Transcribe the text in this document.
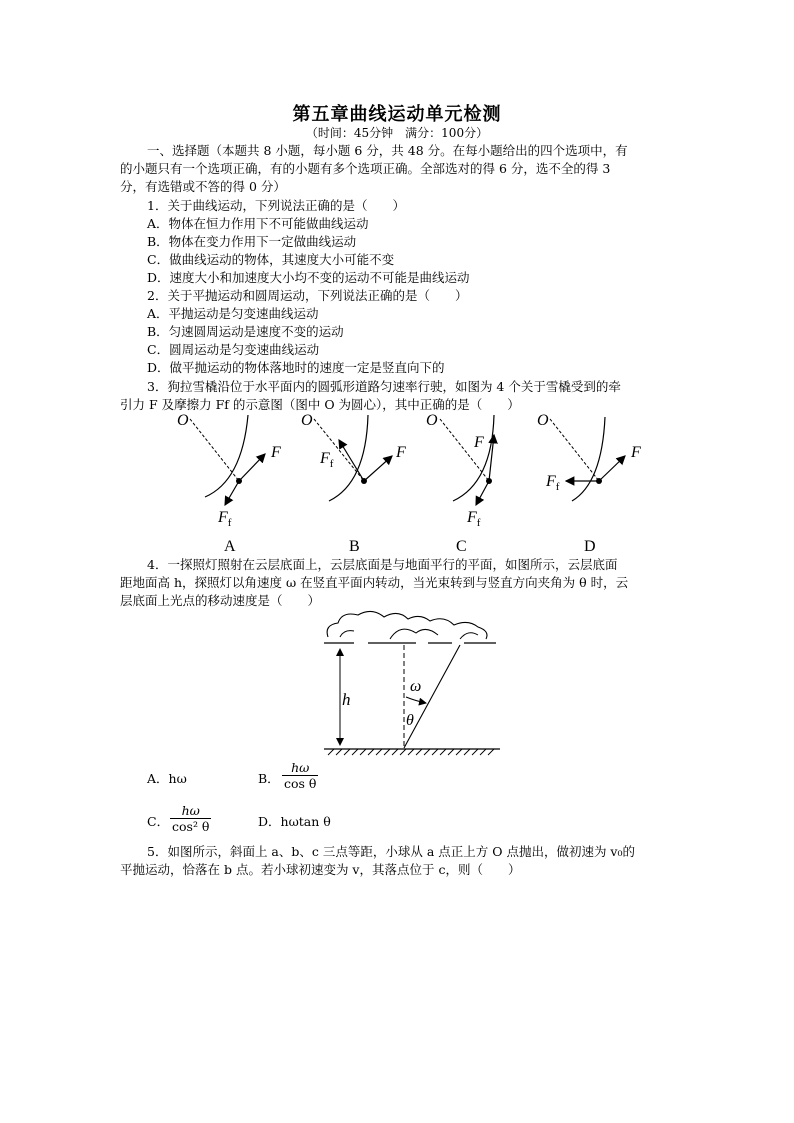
第五章曲线运动单元检测
（时间：45分钟　满分：100分）
一、选择题（本题共 8 小题，每小题 6 分，共 48 分。在每小题给出的四个选项中，有
的小题只有一个选项正确，有的小题有多个选项正确。全部选对的得 6 分，选不全的得 3
分，有选错或不答的得 0 分）
1．关于曲线运动，下列说法正确的是（　　）
A．物体在恒力作用下不可能做曲线运动
B．物体在变力作用下一定做曲线运动
C．做曲线运动的物体，其速度大小可能不变
D．速度大小和加速度大小均不变的运动不可能是曲线运动
2．关于平抛运动和圆周运动，下列说法正确的是（　　）
A．平抛运动是匀变速曲线运动
B．匀速圆周运动是速度不变的运动
C．圆周运动是匀变速曲线运动
D．做平抛运动的物体落地时的速度一定是竖直向下的
3．狗拉雪橇沿位于水平面内的圆弧形道路匀速率行驶，如图为 4 个关于雪橇受到的牵
引力 F 及摩擦力 Ff 的示意图（图中 O 为圆心），其中正确的是（　　）
O
F
$F_f$
O
F
$F_f$
O
F
$F_f$
O
F
$F_f$
A	B	C	D
4．一探照灯照射在云层底面上，云层底面是与地面平行的平面，如图所示，云层底面
距地面高 h，探照灯以角速度 ω 在竖直平面内转动，当光束转到与竖直方向夹角为 θ 时，云
层底面上光点的移动速度是（　　）
h
ω
θ
A．hω	B． $\frac{h\omega}{\text{cos θ}}$
C． $\frac{h\omega}{\text{cos² θ}}$	D．hωtan θ
5．如图所示，斜面上 a、b、c 三点等距，小球从 a 点正上方 O 点抛出，做初速为 v₀的
平抛运动，恰落在 b 点。若小球初速变为 v，其落点位于 c，则（　　）
